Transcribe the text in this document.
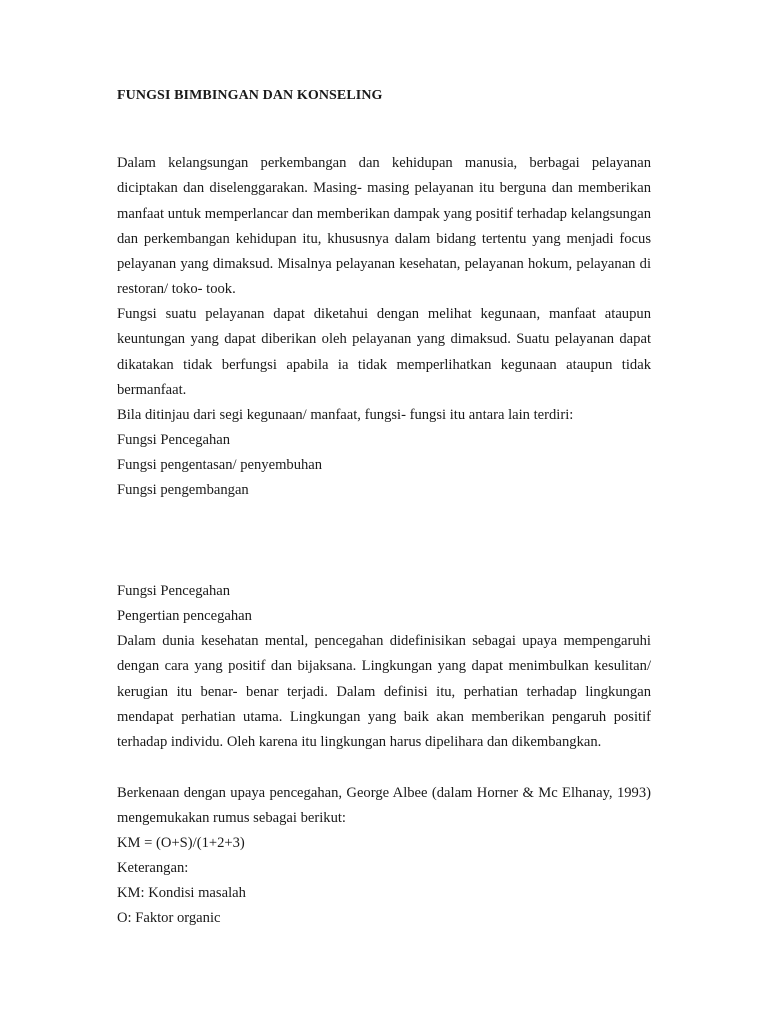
FUNGSI BIMBINGAN DAN KONSELING

Dalam kelangsungan perkembangan dan kehidupan manusia, berbagai pelayanan diciptakan dan diselenggarakan. Masing- masing pelayanan itu berguna dan memberikan manfaat untuk memperlancar dan memberikan dampak yang positif terhadap kelangsungan dan perkembangan kehidupan itu, khususnya dalam bidang tertentu yang menjadi focus pelayanan yang dimaksud. Misalnya pelayanan kesehatan, pelayanan hokum, pelayanan di restoran/ toko- took.

Fungsi suatu pelayanan dapat diketahui dengan melihat kegunaan, manfaat ataupun keuntungan yang dapat diberikan oleh pelayanan yang dimaksud. Suatu pelayanan dapat dikatakan tidak berfungsi apabila ia tidak memperlihatkan kegunaan ataupun tidak bermanfaat.

Bila ditinjau dari segi kegunaan/ manfaat, fungsi- fungsi itu antara lain terdiri:

Fungsi Pencegahan

Fungsi pengentasan/ penyembuhan

Fungsi pengembangan

Fungsi Pencegahan

Pengertian pencegahan

Dalam dunia kesehatan mental, pencegahan didefinisikan sebagai upaya mempengaruhi dengan cara yang positif dan bijaksana. Lingkungan yang dapat menimbulkan kesulitan/ kerugian itu benar- benar terjadi. Dalam definisi itu, perhatian terhadap lingkungan mendapat perhatian utama. Lingkungan yang baik akan memberikan pengaruh positif terhadap individu. Oleh karena itu lingkungan harus dipelihara dan dikembangkan.

Berkenaan dengan upaya pencegahan, George Albee (dalam Horner & Mc Elhanay, 1993) mengemukakan rumus sebagai berikut:

KM = (O+S)/(1+2+3)

Keterangan:

KM: Kondisi masalah

O: Faktor organic
